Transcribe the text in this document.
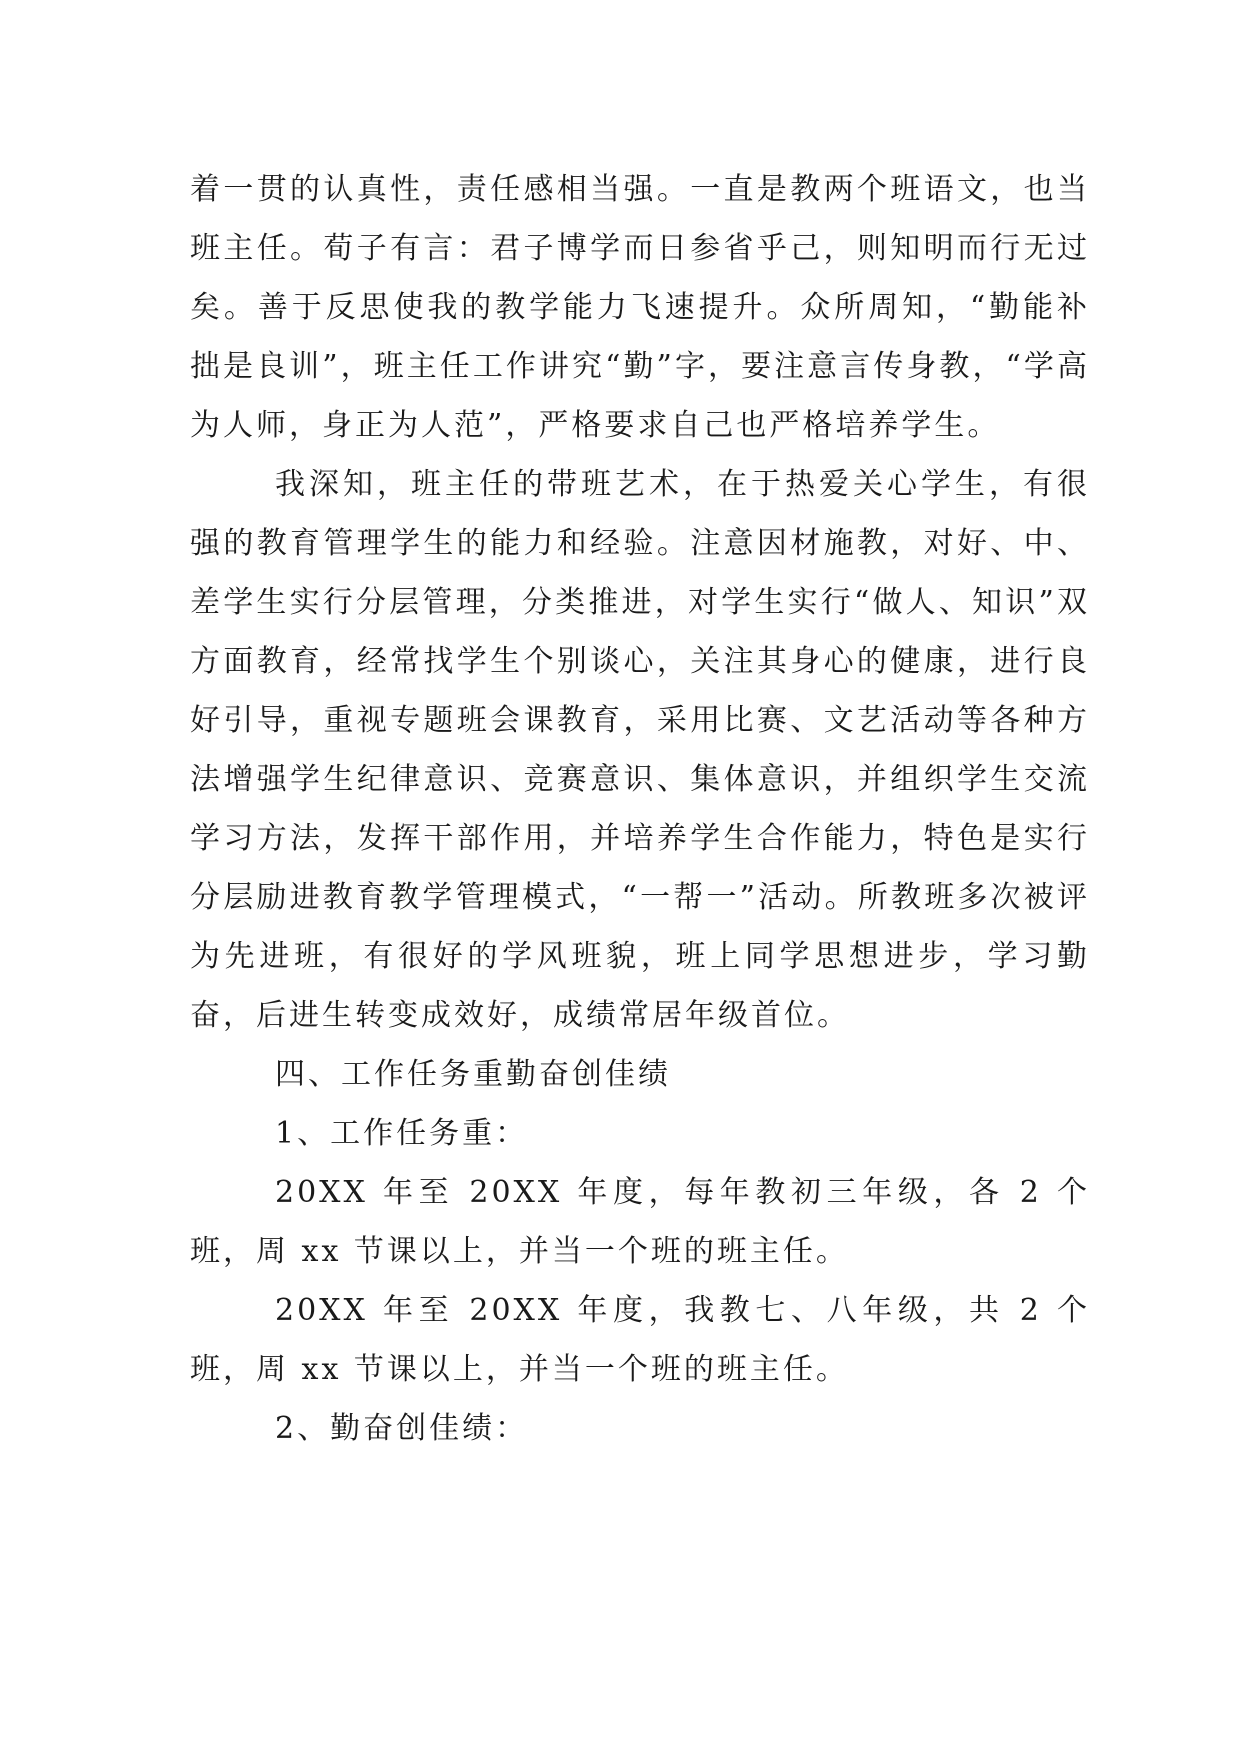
着一贯的认真性，责任感相当强。一直是教两个班语文，也当班主任。荀子有言：君子博学而日参省乎己，则知明而行无过矣。善于反思使我的教学能力飞速提升。众所周知，“勤能补拙是良训”，班主任工作讲究“勤”字，要注意言传身教，“学高为人师，身正为人范”，严格要求自己也严格培养学生。

我深知，班主任的带班艺术，在于热爱关心学生，有很强的教育管理学生的能力和经验。注意因材施教，对好、中、差学生实行分层管理，分类推进，对学生实行“做人、知识”双方面教育，经常找学生个别谈心，关注其身心的健康，进行良好引导，重视专题班会课教育，采用比赛、文艺活动等各种方法增强学生纪律意识、竞赛意识、集体意识，并组织学生交流学习方法，发挥干部作用，并培养学生合作能力，特色是实行分层励进教育教学管理模式，“一帮一”活动。所教班多次被评为先进班，有很好的学风班貌，班上同学思想进步，学习勤奋，后进生转变成效好，成绩常居年级首位。

四、工作任务重勤奋创佳绩

1、工作任务重：

20XX 年至 20XX 年度，每年教初三年级，各 2 个班，周 xx 节课以上，并当一个班的班主任。

20XX 年至 20XX 年度，我教七、八年级，共 2 个班，周 xx 节课以上，并当一个班的班主任。

2、勤奋创佳绩：
